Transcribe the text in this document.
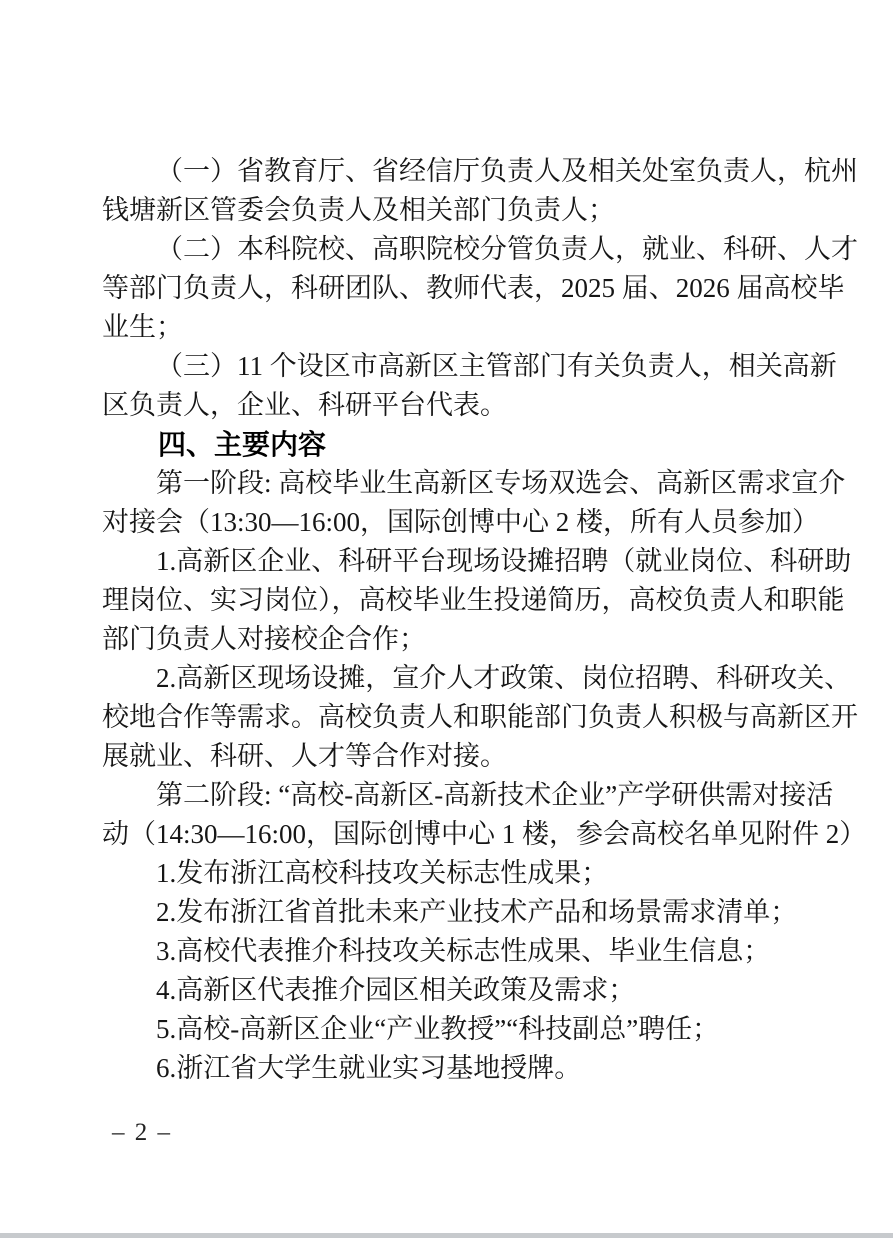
（一）省教育厅、省经信厅负责人及相关处室负责人，杭州

钱塘新区管委会负责人及相关部门负责人；

（二）本科院校、高职院校分管负责人，就业、科研、人才

等部门负责人，科研团队、教师代表，2025 届、2026 届高校毕

业生；

（三）11 个设区市高新区主管部门有关负责人，相关高新

区负责人，企业、科研平台代表。

四、主要内容

第一阶段: 高校毕业生高新区专场双选会、高新区需求宣介

对接会（13:30—16:00，国际创博中心 2 楼，所有人员参加）

1.高新区企业、科研平台现场设摊招聘（就业岗位、科研助

理岗位、实习岗位），高校毕业生投递简历，高校负责人和职能

部门负责人对接校企合作；

2.高新区现场设摊，宣介人才政策、岗位招聘、科研攻关、

校地合作等需求。高校负责人和职能部门负责人积极与高新区开

展就业、科研、人才等合作对接。

第二阶段: “高校-高新区-高新技术企业”产学研供需对接活

动（14:30—16:00，国际创博中心 1 楼，参会高校名单见附件 2）

1.发布浙江高校科技攻关标志性成果；

2.发布浙江省首批未来产业技术产品和场景需求清单；

3.高校代表推介科技攻关标志性成果、毕业生信息；

4.高新区代表推介园区相关政策及需求；

5.高校-高新区企业“产业教授”“科技副总”聘任；

6.浙江省大学生就业实习基地授牌。

– 2 –
